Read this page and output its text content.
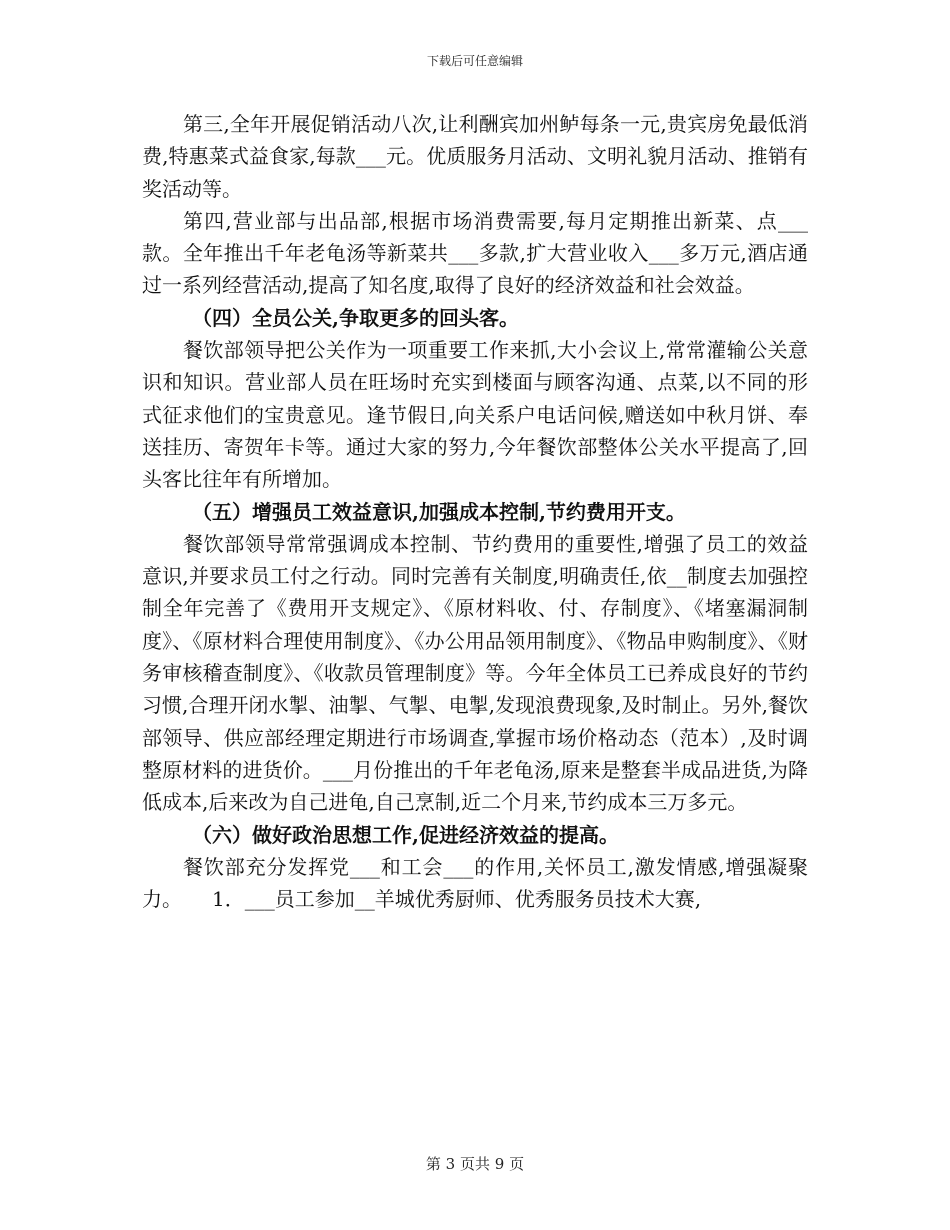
下载后可任意编辑

第三,全年开展促销活动八次,让利酬宾加州鲈每条一元,贵宾房免最低消费,特惠菜式益食家,每款___元。优质服务月活动、文明礼貌月活动、推销有奖活动等。

第四,营业部与出品部,根据市场消费需要,每月定期推出新菜、点___款。全年推出千年老龟汤等新菜共___多款,扩大营业收入___多万元,酒店通过一系列经营活动,提高了知名度,取得了良好的经济效益和社会效益。

（四）全员公关,争取更多的回头客。

餐饮部领导把公关作为一项重要工作来抓,大小会议上,常常灌输公关意识和知识。营业部人员在旺场时充实到楼面与顾客沟通、点菜,以不同的形式征求他们的宝贵意见。逢节假日,向关系户电话问候,赠送如中秋月饼、奉送挂历、寄贺年卡等。通过大家的努力,今年餐饮部整体公关水平提高了,回头客比往年有所增加。

（五）增强员工效益意识,加强成本控制,节约费用开支。

餐饮部领导常常强调成本控制、节约费用的重要性,增强了员工的效益意识,并要求员工付之行动。同时完善有关制度,明确责任,依__制度去加强控制全年完善了《费用开支规定》、《原材料收、付、存制度》、《堵塞漏洞制度》、《原材料合理使用制度》、《办公用品领用制度》、《物品申购制度》、《财务审核稽查制度》、《收款员管理制度》等。今年全体员工已养成良好的节约习惯,合理开闭水掣、油掣、气掣、电掣,发现浪费现象,及时制止。另外,餐饮部领导、供应部经理定期进行市场调查,掌握市场价格动态（范本）,及时调整原材料的进货价。___月份推出的千年老龟汤,原来是整套半成品进货,为降低成本,后来改为自己进龟,自己烹制,近二个月来,节约成本三万多元。

（六）做好政治思想工作,促进经济效益的提高。

餐饮部充分发挥党___和工会___的作用,关怀员工,激发情感,增强凝聚力。　　1．___员工参加__羊城优秀厨师、优秀服务员技术大赛,

第 3 页共 9 页
